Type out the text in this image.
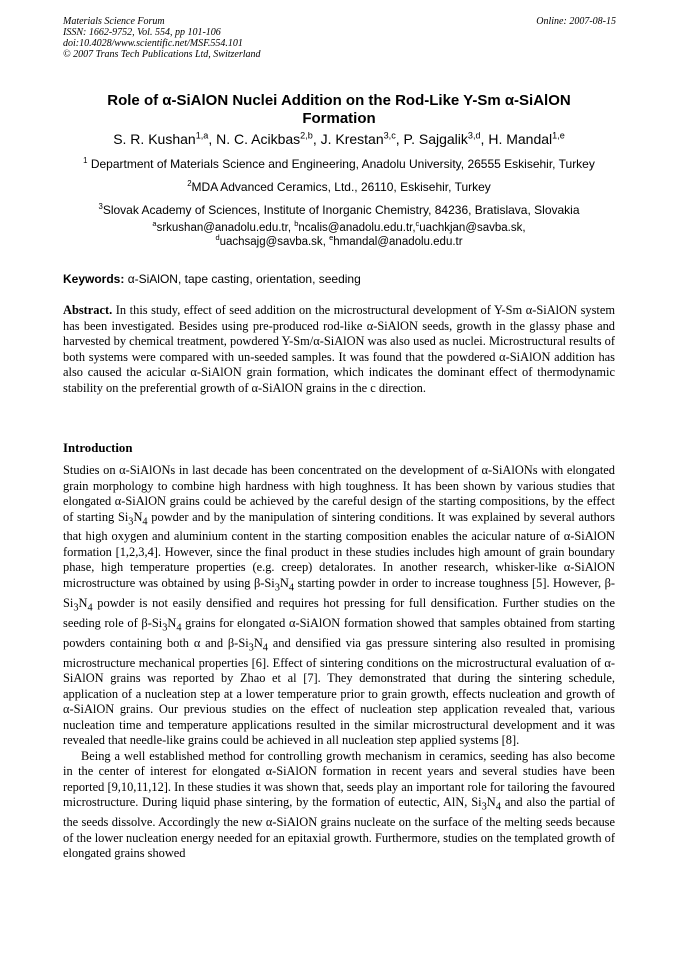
Materials Science Forum
ISSN: 1662-9752, Vol. 554, pp 101-106
doi:10.4028/www.scientific.net/MSF.554.101
© 2007 Trans Tech Publications Ltd, Switzerland
Online: 2007-08-15
Role of α-SiAlON Nuclei Addition on the Rod-Like Y-Sm α-SiAlON
Formation
S. R. Kushan$^{1,a}$, N. C. Acikbas$^{2,b}$, J. Krestan$^{3,c}$, P. Sajgalik$^{3,d}$, H. Mandal$^{1,e}$
$^1$ Department of Materials Science and Engineering, Anadolu University, 26555 Eskisehir, Turkey
$^2$MDA Advanced Ceramics, Ltd., 26110, Eskisehir, Turkey
$^3$Slovak Academy of Sciences, Institute of Inorganic Chemistry, 84236, Bratislava, Slovakia
$^a$srkushan@anadolu.edu.tr, $^b$ncalis@anadolu.edu.tr,$^c$uachkjan@savba.sk,
$^d$uachsajg@savba.sk, $^e$hmandal@anadolu.edu.tr
Keywords: α-SiAlON, tape casting, orientation, seeding

Abstract. In this study, effect of seed addition on the microstructural development of Y-Sm α-SiAlON system has been investigated. Besides using pre-produced rod-like α-SiAlON seeds, growth in the glassy phase and harvested by chemical treatment, powdered Y-Sm/α-SiAlON was also used as nuclei. Microstructural results of both systems were compared with un-seeded samples. It was found that the powdered α-SiAlON addition has also caused the acicular α-SiAlON grain formation, which indicates the dominant effect of thermodynamic stability on the preferential growth of α-SiAlON grains in the c direction.

Introduction

Studies on α-SiAlONs in last decade has been concentrated on the development of α-SiAlONs with elongated grain morphology to combine high hardness with high toughness. It has been shown by various studies that elongated α-SiAlON grains could be achieved by the careful design of the starting compositions, by the effect of starting $Si_3N_4$ powder and by the manipulation of sintering conditions. It was explained by several authors that high oxygen and aluminium content in the starting composition enables the acicular nature of α-SiAlON formation [1,2,3,4]. However, since the final product in these studies includes high amount of grain boundary phase, high temperature properties (e.g. creep) detalorates. In another research, whisker-like α-SiAlON microstructure was obtained by using $\beta-Si_3N_4$ starting powder in order to increase toughness [5]. However, $\beta-Si_3N_4$ powder is not easily densified and requires hot pressing for full densification. Further studies on the seeding role of $\beta-Si_3N_4$ grains for elongated α-SiAlON formation showed that samples obtained from starting powders containing both α and $\beta-Si_3N_4$ and densified via gas pressure sintering also resulted in promising microstructure mechanical properties [6]. Effect of sintering conditions on the microstructural evaluation of α-SiAlON grains was reported by Zhao et al [7]. They demonstrated that during the sintering schedule, application of a nucleation step at a lower temperature prior to grain growth, effects nucleation and growth of α-SiAlON grains. Our previous studies on the effect of nucleation step application revealed that, various nucleation time and temperature applications resulted in the similar microstructural development and it was revealed that needle-like grains could be achieved in all nucleation step applied systems [8].

Being a well established method for controlling growth mechanism in ceramics, seeding has also become in the center of interest for elongated α-SiAlON formation in recent years and several studies have been reported [9,10,11,12]. In these studies it was shown that, seeds play an important role for tailoring the favoured microstructure. During liquid phase sintering, by the formation of eutectic, AlN, $Si_3N_4$ and also the partial of the seeds dissolve. Accordingly the new α-SiAlON grains nucleate on the surface of the melting seeds because of the lower nucleation energy needed for an epitaxial growth. Furthermore, studies on the templated growth of elongated grains showed
